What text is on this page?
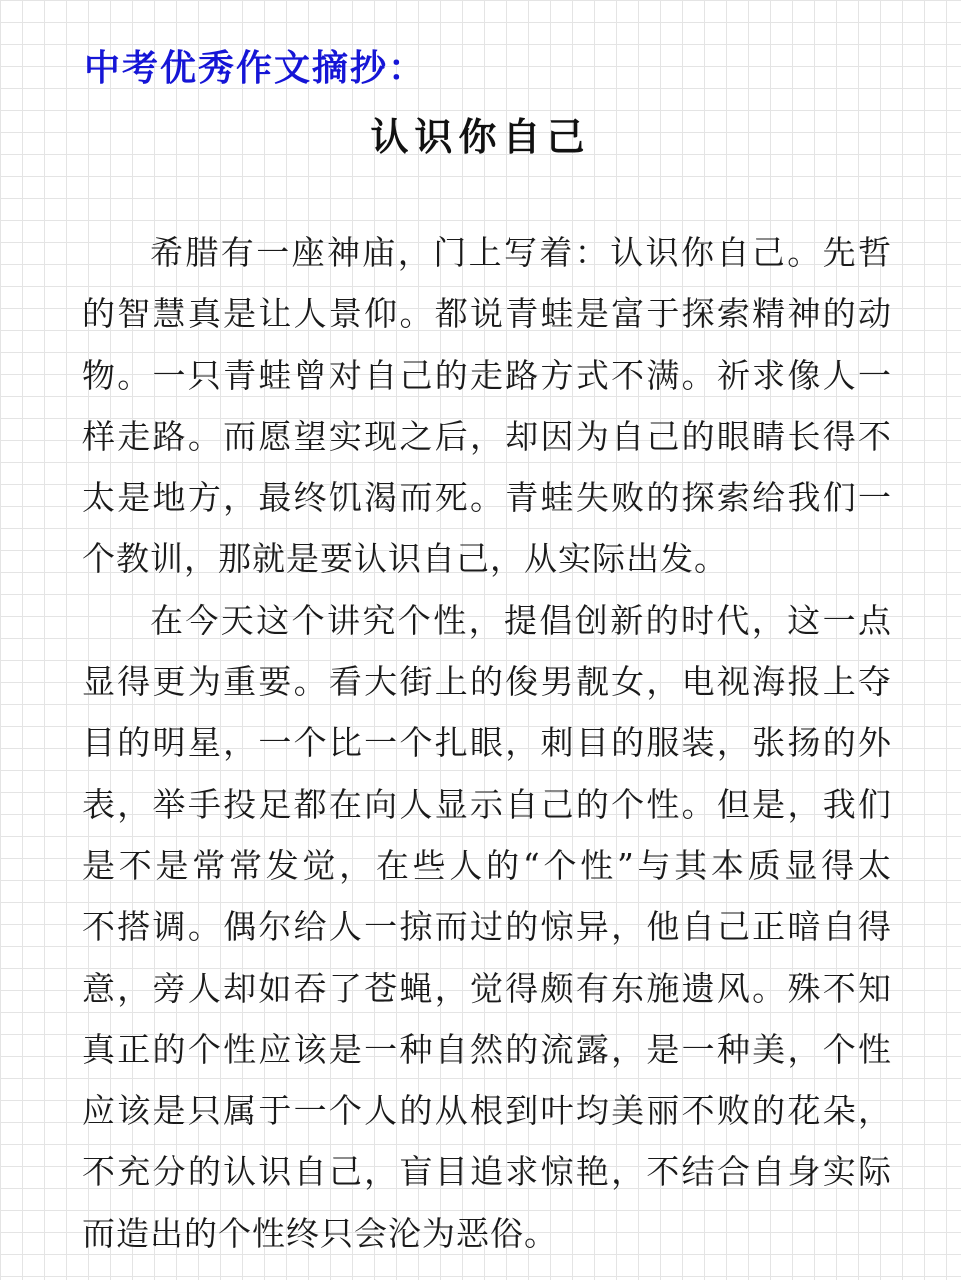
中考优秀作文摘抄：
认识你自己
希腊有一座神庙，门上写着：认识你自己。先哲
的智慧真是让人景仰。都说青蛙是富于探索精神的动
物。一只青蛙曾对自己的走路方式不满。祈求像人一
样走路。而愿望实现之后，却因为自己的眼睛长得不
太是地方，最终饥渴而死。青蛙失败的探索给我们一
个教训，那就是要认识自己，从实际出发。
在今天这个讲究个性，提倡创新的时代，这一点
显得更为重要。看大街上的俊男靓女，电视海报上夺
目的明星，一个比一个扎眼，刺目的服装，张扬的外
表，举手投足都在向人显示自己的个性。但是，我们
是不是常常发觉，在些人的“个性”与其本质显得太
不搭调。偶尔给人一掠而过的惊异，他自己正暗自得
意，旁人却如吞了苍蝇，觉得颇有东施遗风。殊不知
真正的个性应该是一种自然的流露，是一种美，个性
应该是只属于一个人的从根到叶均美丽不败的花朵，
不充分的认识自己，盲目追求惊艳，不结合自身实际
而造出的个性终只会沦为恶俗。
